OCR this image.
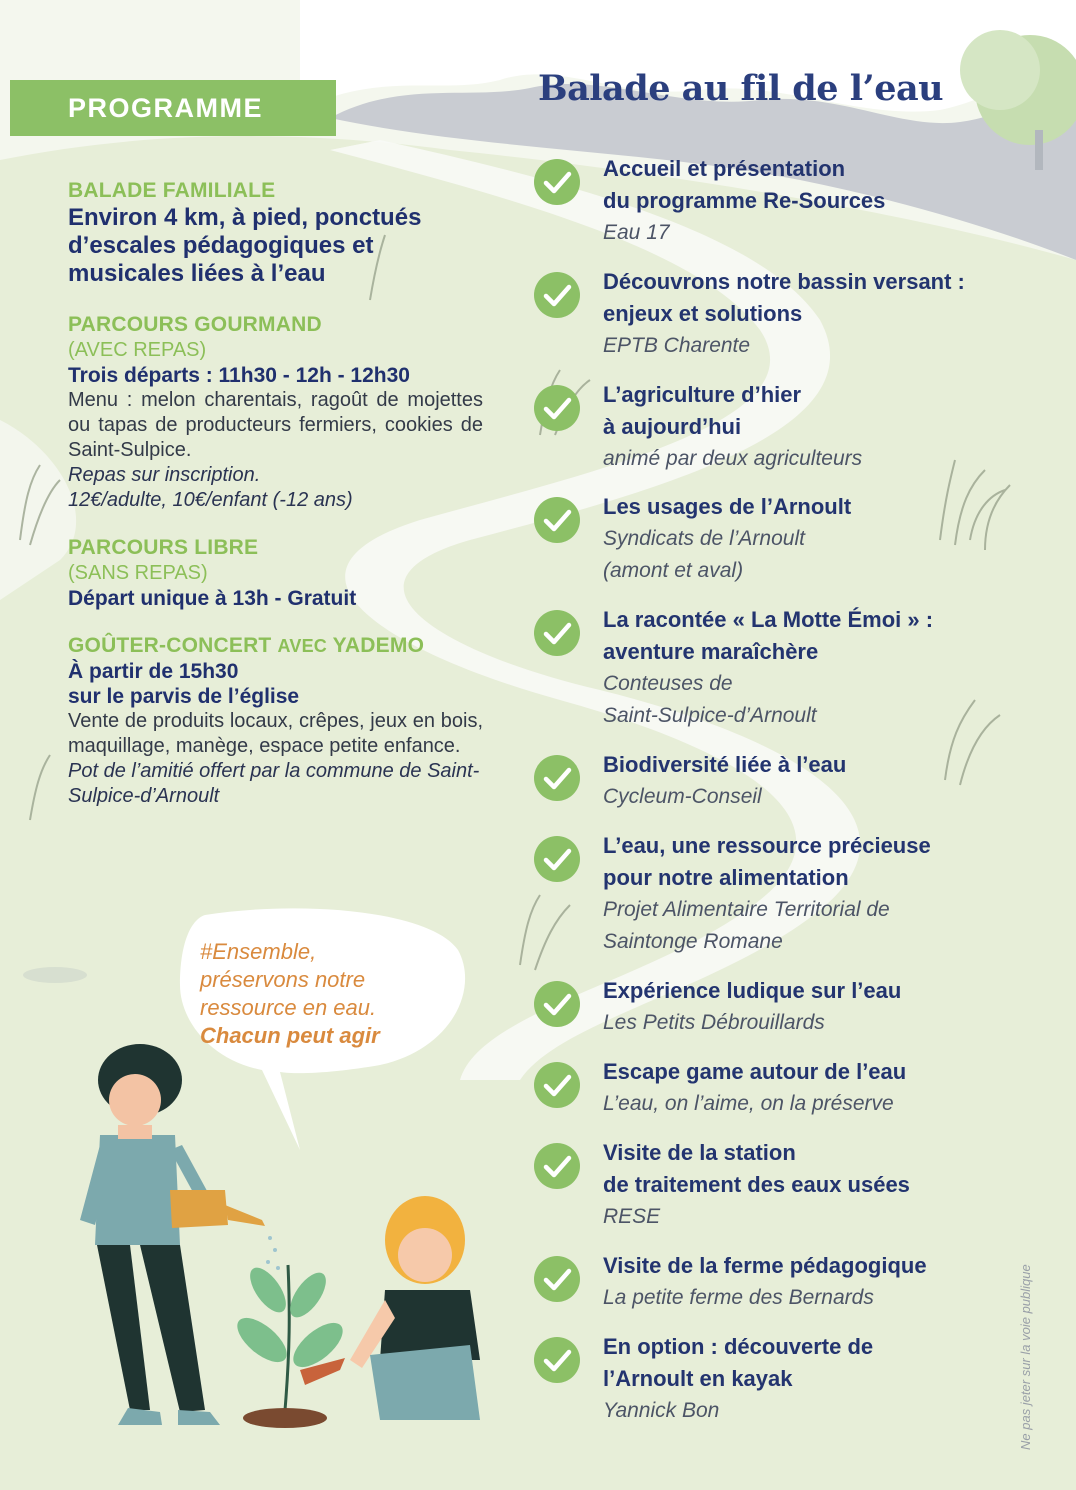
PROGRAMME
BALADE FAMILIALE
Environ 4 km, à pied, ponctués d’escales pédagogiques et musicales liées à l’eau
PARCOURS GOURMAND
(AVEC REPAS)
Trois départs : 11h30 - 12h - 12h30
Menu : melon charentais, ragoût de mojettes ou tapas de producteurs fermiers, cookies de Saint-Sulpice.
Repas sur inscription.
12€/adulte, 10€/enfant (-12 ans)
PARCOURS LIBRE
(SANS REPAS)
Départ unique à 13h - Gratuit
GOÛTER-CONCERT AVEC YADEMO
À partir de 15h30
sur le parvis de l’église
Vente de produits locaux, crêpes, jeux en bois, maquillage, manège, espace petite enfance.
Pot de l’amitié offert par la commune de Saint-Sulpice-d’Arnoult
#Ensemble,
préservons notre
ressource en eau.
Chacun peut agir
Balade au fil de l’eau
Accueil et présentation
du programme Re-Sources
Eau 17
Découvrons notre bassin versant :
enjeux et solutions
EPTB Charente
L’agriculture d’hier
à aujourd’hui
animé par deux agriculteurs
Les usages de l’Arnoult
Syndicats de l’Arnoult
(amont et aval)
La racontée « La Motte Émoi » :
aventure maraîchère
Conteuses de
Saint-Sulpice-d’Arnoult
Biodiversité liée à l’eau
Cycleum-Conseil
L’eau, une ressource précieuse
pour notre alimentation
Projet Alimentaire Territorial de
Saintonge Romane
Expérience ludique sur l’eau
Les Petits Débrouillards
Escape game autour de l’eau
L’eau, on l’aime, on la préserve
Visite de la station
de traitement des eaux usées
RESE
Visite de la ferme pédagogique
La petite ferme des Bernards
En option : découverte de
l’Arnoult en kayak
Yannick Bon	Ne pas jeter sur la voie publique
